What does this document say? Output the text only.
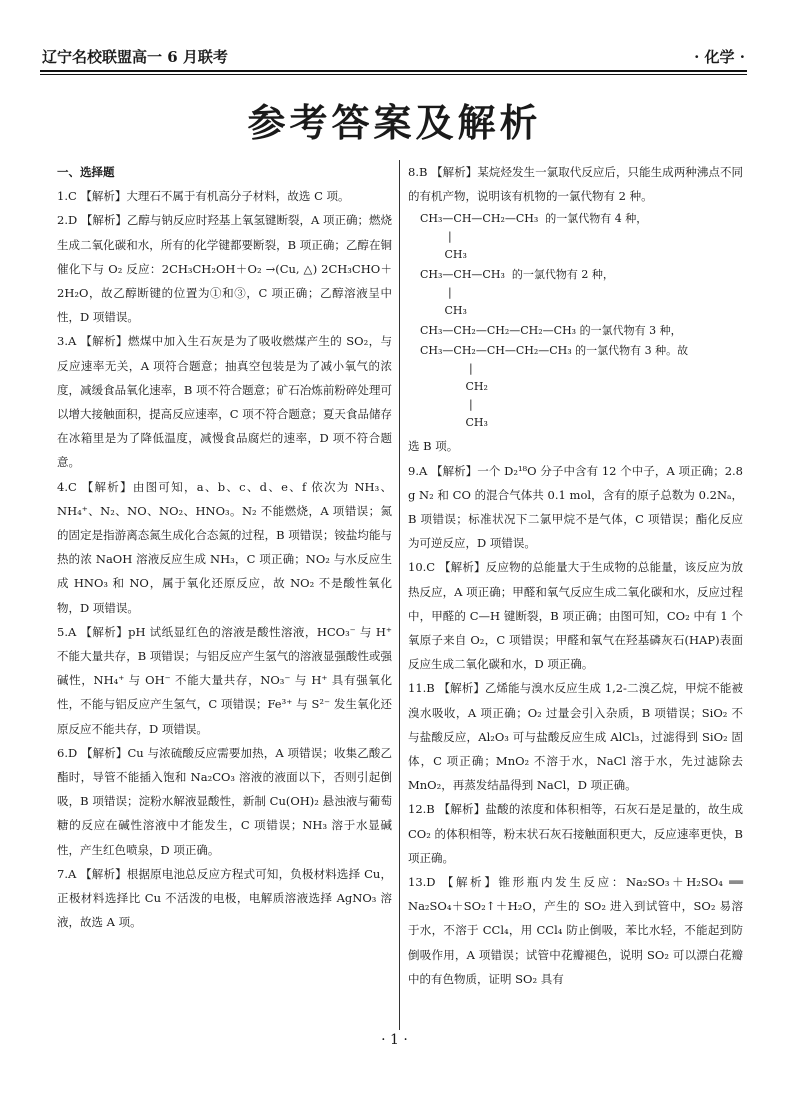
辽宁名校联盟高一 6 月联考	· 化学 ·
参考答案及解析

一、选择题

1.C 【解析】大理石不属于有机高分子材料，故选 C 项。

2.D 【解析】乙醇与钠反应时羟基上氧氢键断裂，A 项正确；燃烧生成二氧化碳和水，所有的化学键都要断裂，B 项正确；乙醇在铜催化下与 O₂ 反应：2CH₃CH₂OH＋O₂ →(Cu, △) 2CH₃CHO＋2H₂O，故乙醇断键的位置为①和③，C 项正确；乙醇溶液呈中性，D 项错误。

3.A 【解析】燃煤中加入生石灰是为了吸收燃煤产生的 SO₂，与反应速率无关，A 项符合题意；抽真空包装是为了减小氧气的浓度，减缓食品氧化速率，B 项不符合题意；矿石冶炼前粉碎处理可以增大接触面积，提高反应速率，C 项不符合题意；夏天食品储存在冰箱里是为了降低温度，减慢食品腐烂的速率，D 项不符合题意。

4.C 【解析】由图可知，a、b、c、d、e、f 依次为 NH₃、NH₄⁺、N₂、NO、NO₂、HNO₃。N₂ 不能燃烧，A 项错误；氮的固定是指游离态氮生成化合态氮的过程，B 项错误；铵盐均能与热的浓 NaOH 溶液反应生成 NH₃，C 项正确；NO₂ 与水反应生成 HNO₃ 和 NO，属于氧化还原反应，故 NO₂ 不是酸性氧化物，D 项错误。

5.A 【解析】pH 试纸显红色的溶液是酸性溶液，HCO₃⁻ 与 H⁺ 不能大量共存，B 项错误；与铝反应产生氢气的溶液显强酸性或强碱性，NH₄⁺ 与 OH⁻ 不能大量共存，NO₃⁻ 与 H⁺ 具有强氧化性，不能与铝反应产生氢气，C 项错误；Fe³⁺ 与 S²⁻ 发生氧化还原反应不能共存，D 项错误。

6.D 【解析】Cu 与浓硫酸反应需要加热，A 项错误；收集乙酸乙酯时，导管不能插入饱和 Na₂CO₃ 溶液的液面以下，否则引起倒吸，B 项错误；淀粉水解液显酸性，新制 Cu(OH)₂ 悬浊液与葡萄糖的反应在碱性溶液中才能发生，C 项错误；NH₃ 溶于水显碱性，产生红色喷泉，D 项正确。

7.A 【解析】根据原电池总反应方程式可知，负极材料选择 Cu，正极材料选择比 Cu 不活泼的电极，电解质溶液选择 AgNO₃ 溶液，故选 A 项。

8.B 【解析】某烷烃发生一氯取代反应后，只能生成两种沸点不同的有机产物，说明该有机物的一氯代物有 2 种。

CH₃—CH—CH₂—CH₃  的一氯代物有 4 种，
|
CH₃
CH₃—CH—CH₃  的一氯代物有 2 种，
|
CH₃
CH₃—CH₂—CH₂—CH₂—CH₃ 的一氯代物有 3 种，
CH₃—CH₂—CH—CH₂—CH₃ 的一氯代物有 3 种。故
|
CH₂
|
CH₃

选 B 项。

9.A 【解析】一个 D₂¹⁸O 分子中含有 12 个中子，A 项正确；2.8 g N₂ 和 CO 的混合气体共 0.1 mol，含有的原子总数为 0.2Nₐ，B 项错误；标准状况下二氯甲烷不是气体，C 项错误；酯化反应为可逆反应，D 项错误。

10.C 【解析】反应物的总能量大于生成物的总能量，该反应为放热反应，A 项正确；甲醛和氧气反应生成二氧化碳和水，反应过程中，甲醛的 C—H 键断裂，B 项正确；由图可知，CO₂ 中有 1 个氧原子来自 O₂，C 项错误；甲醛和氧气在羟基磷灰石(HAP)表面反应生成二氧化碳和水，D 项正确。

11.B 【解析】乙烯能与溴水反应生成 1,2-二溴乙烷，甲烷不能被溴水吸收，A 项正确；O₂ 过量会引入杂质，B 项错误；SiO₂ 不与盐酸反应，Al₂O₃ 可与盐酸反应生成 AlCl₃，过滤得到 SiO₂ 固体，C 项正确；MnO₂ 不溶于水，NaCl 溶于水，先过滤除去 MnO₂，再蒸发结晶得到 NaCl，D 项正确。

12.B 【解析】盐酸的浓度和体积相等，石灰石是足量的，故生成 CO₂ 的体积相等，粉末状石灰石接触面积更大，反应速率更快，B 项正确。

13.D 【解析】锥形瓶内发生反应：Na₂SO₃＋H₂SO₄ ══ Na₂SO₄＋SO₂↑＋H₂O，产生的 SO₂ 进入到试管中，SO₂ 易溶于水，不溶于 CCl₄，用 CCl₄ 防止倒吸，苯比水轻，不能起到防倒吸作用，A 项错误；试管中花瓣褪色，说明 SO₂ 可以漂白花瓣中的有色物质，证明 SO₂ 具有

· 1 ·
